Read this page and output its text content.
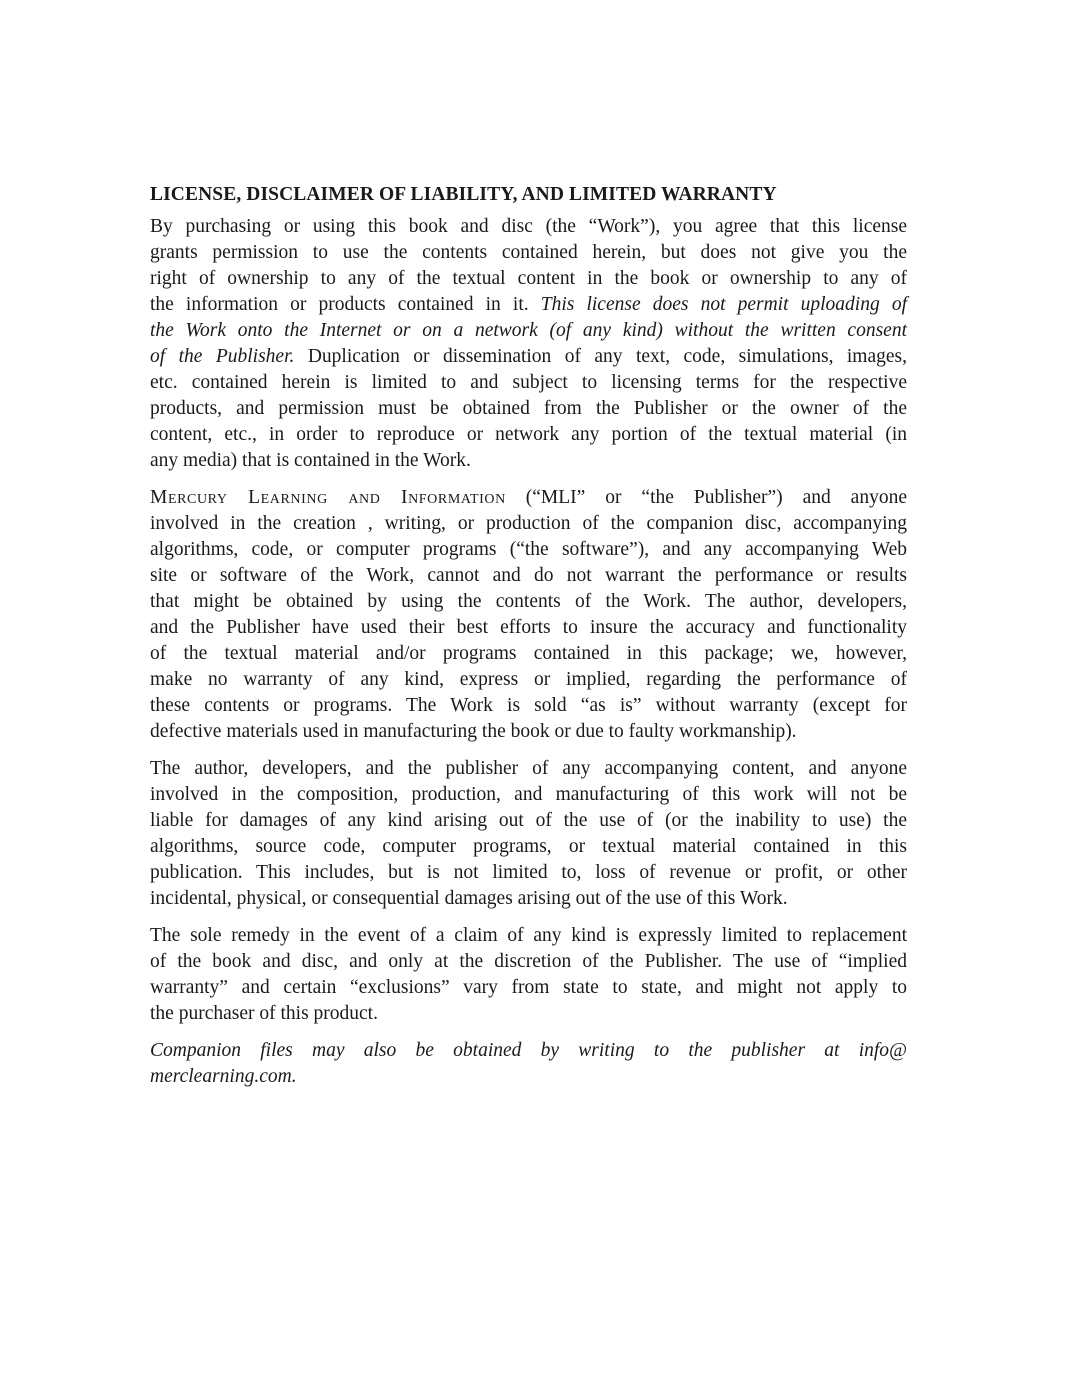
LICENSE, DISCLAIMER OF LIABILITY, AND LIMITED WARRANTY
By purchasing or using this book and disc (the “Work”), you agree that this license
grants permission to use the contents contained herein, but does not give you the
right of ownership to any of the textual content in the book or ownership to any of
the information or products contained in it. This license does not permit uploading of
the Work onto the Internet or on a network (of any kind) without the written consent
of the Publisher. Duplication or dissemination of any text, code, simulations, images,
etc. contained herein is limited to and subject to licensing terms for the respective
products, and permission must be obtained from the Publisher or the owner of the
content, etc., in order to reproduce or network any portion of the textual material (in
any media) that is contained in the Work.
Mercury Learning and Information (“MLI” or “the Publisher”) and anyone
involved in the creation , writing, or production of the companion disc, accompanying
algorithms, code, or computer programs (“the software”), and any accompanying Web
site or software of the Work, cannot and do not warrant the performance or results
that might be obtained by using the contents of the Work. The author, developers,
and the Publisher have used their best efforts to insure the accuracy and functionality
of the textual material and/or programs contained in this package; we, however,
make no warranty of any kind, express or implied, regarding the performance of
these contents or programs. The Work is sold “as is” without warranty (except for
defective materials used in manufacturing the book or due to faulty workmanship).
The author, developers, and the publisher of any accompanying content, and anyone
involved in the composition, production, and manufacturing of this work will not be
liable for damages of any kind arising out of the use of (or the inability to use) the
algorithms, source code, computer programs, or textual material contained in this
publication. This includes, but is not limited to, loss of revenue or profit, or other
incidental, physical, or consequential damages arising out of the use of this Work.
The sole remedy in the event of a claim of any kind is expressly limited to replacement
of the book and disc, and only at the discretion of the Publisher. The use of “implied
warranty” and certain “exclusions” vary from state to state, and might not apply to
the purchaser of this product.
Companion files may also be obtained by writing to the publisher at info@
merclearning.com.
